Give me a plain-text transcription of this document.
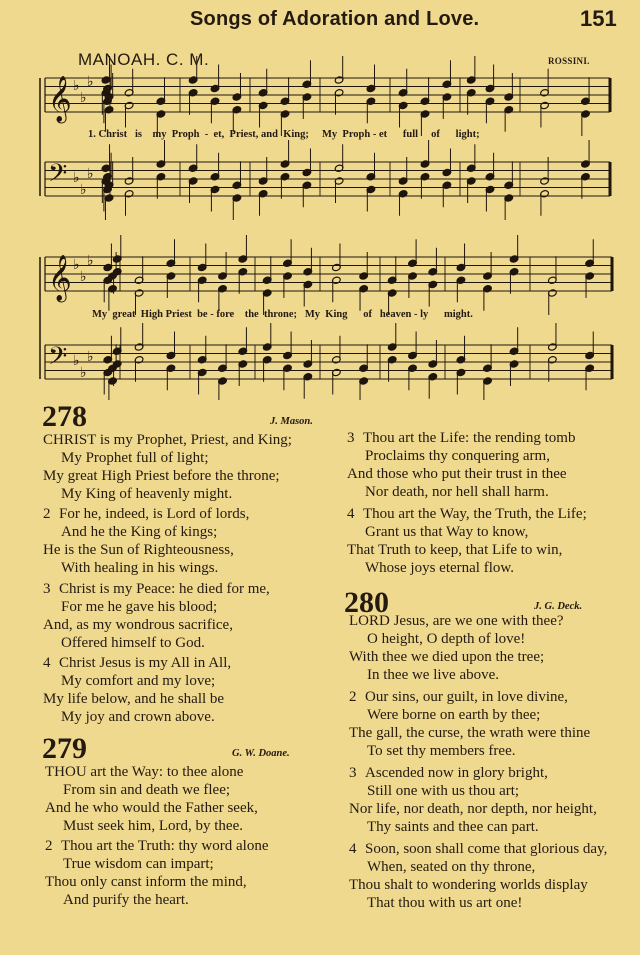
Songs of Adoration and Love.	151
MANOAH. C. M.	ROSSINI.
𝄞 ♭
♭
♭
𝄢 ♭
♭
♭
𝄞 ♭
♭
♭
𝄢 ♭
♭
♭
1. Christ   is    my  Proph  -  et,  Priest, and  King;     My  Proph - et      full     of      light;
My  great  High Priest  be - fore    the  throne;   My  King      of   heaven - ly      might.
278	J. Mason.
CHRIST is my Prophet, Priest, and King;
My Prophet full of light;
My great High Priest before the throne;
My King of heavenly might.
2 For he, indeed, is Lord of lords,
And he the King of kings;
He is the Sun of Righteousness,
With healing in his wings.
3 Christ is my Peace: he died for me,
For me he gave his blood;
And, as my wondrous sacrifice,
Offered himself to God.
4 Christ Jesus is my All in All,
My comfort and my love;
My life below, and he shall be
My joy and crown above.
279	G. W. Doane.
THOU art the Way: to thee alone
From sin and death we flee;
And he who would the Father seek,
Must seek him, Lord, by thee.
2 Thou art the Truth: thy word alone
True wisdom can impart;
Thou only canst inform the mind,
And purify the heart.
3 Thou art the Life: the rending tomb
Proclaims thy conquering arm,
And those who put their trust in thee
Nor death, nor hell shall harm.
4 Thou art the Way, the Truth, the Life;
Grant us that Way to know,
That Truth to keep, that Life to win,
Whose joys eternal flow.
280	J. G. Deck.
LORD Jesus, are we one with thee?
O height, O depth of love!
With thee we died upon the tree;
In thee we live above.
2 Our sins, our guilt, in love divine,
Were borne on earth by thee;
The gall, the curse, the wrath were thine
To set thy members free.
3 Ascended now in glory bright,
Still one with us thou art;
Nor life, nor death, nor depth, nor height,
Thy saints and thee can part.
4 Soon, soon shall come that glorious day,
When, seated on thy throne,
Thou shalt to wondering worlds display
That thou with us art one!
